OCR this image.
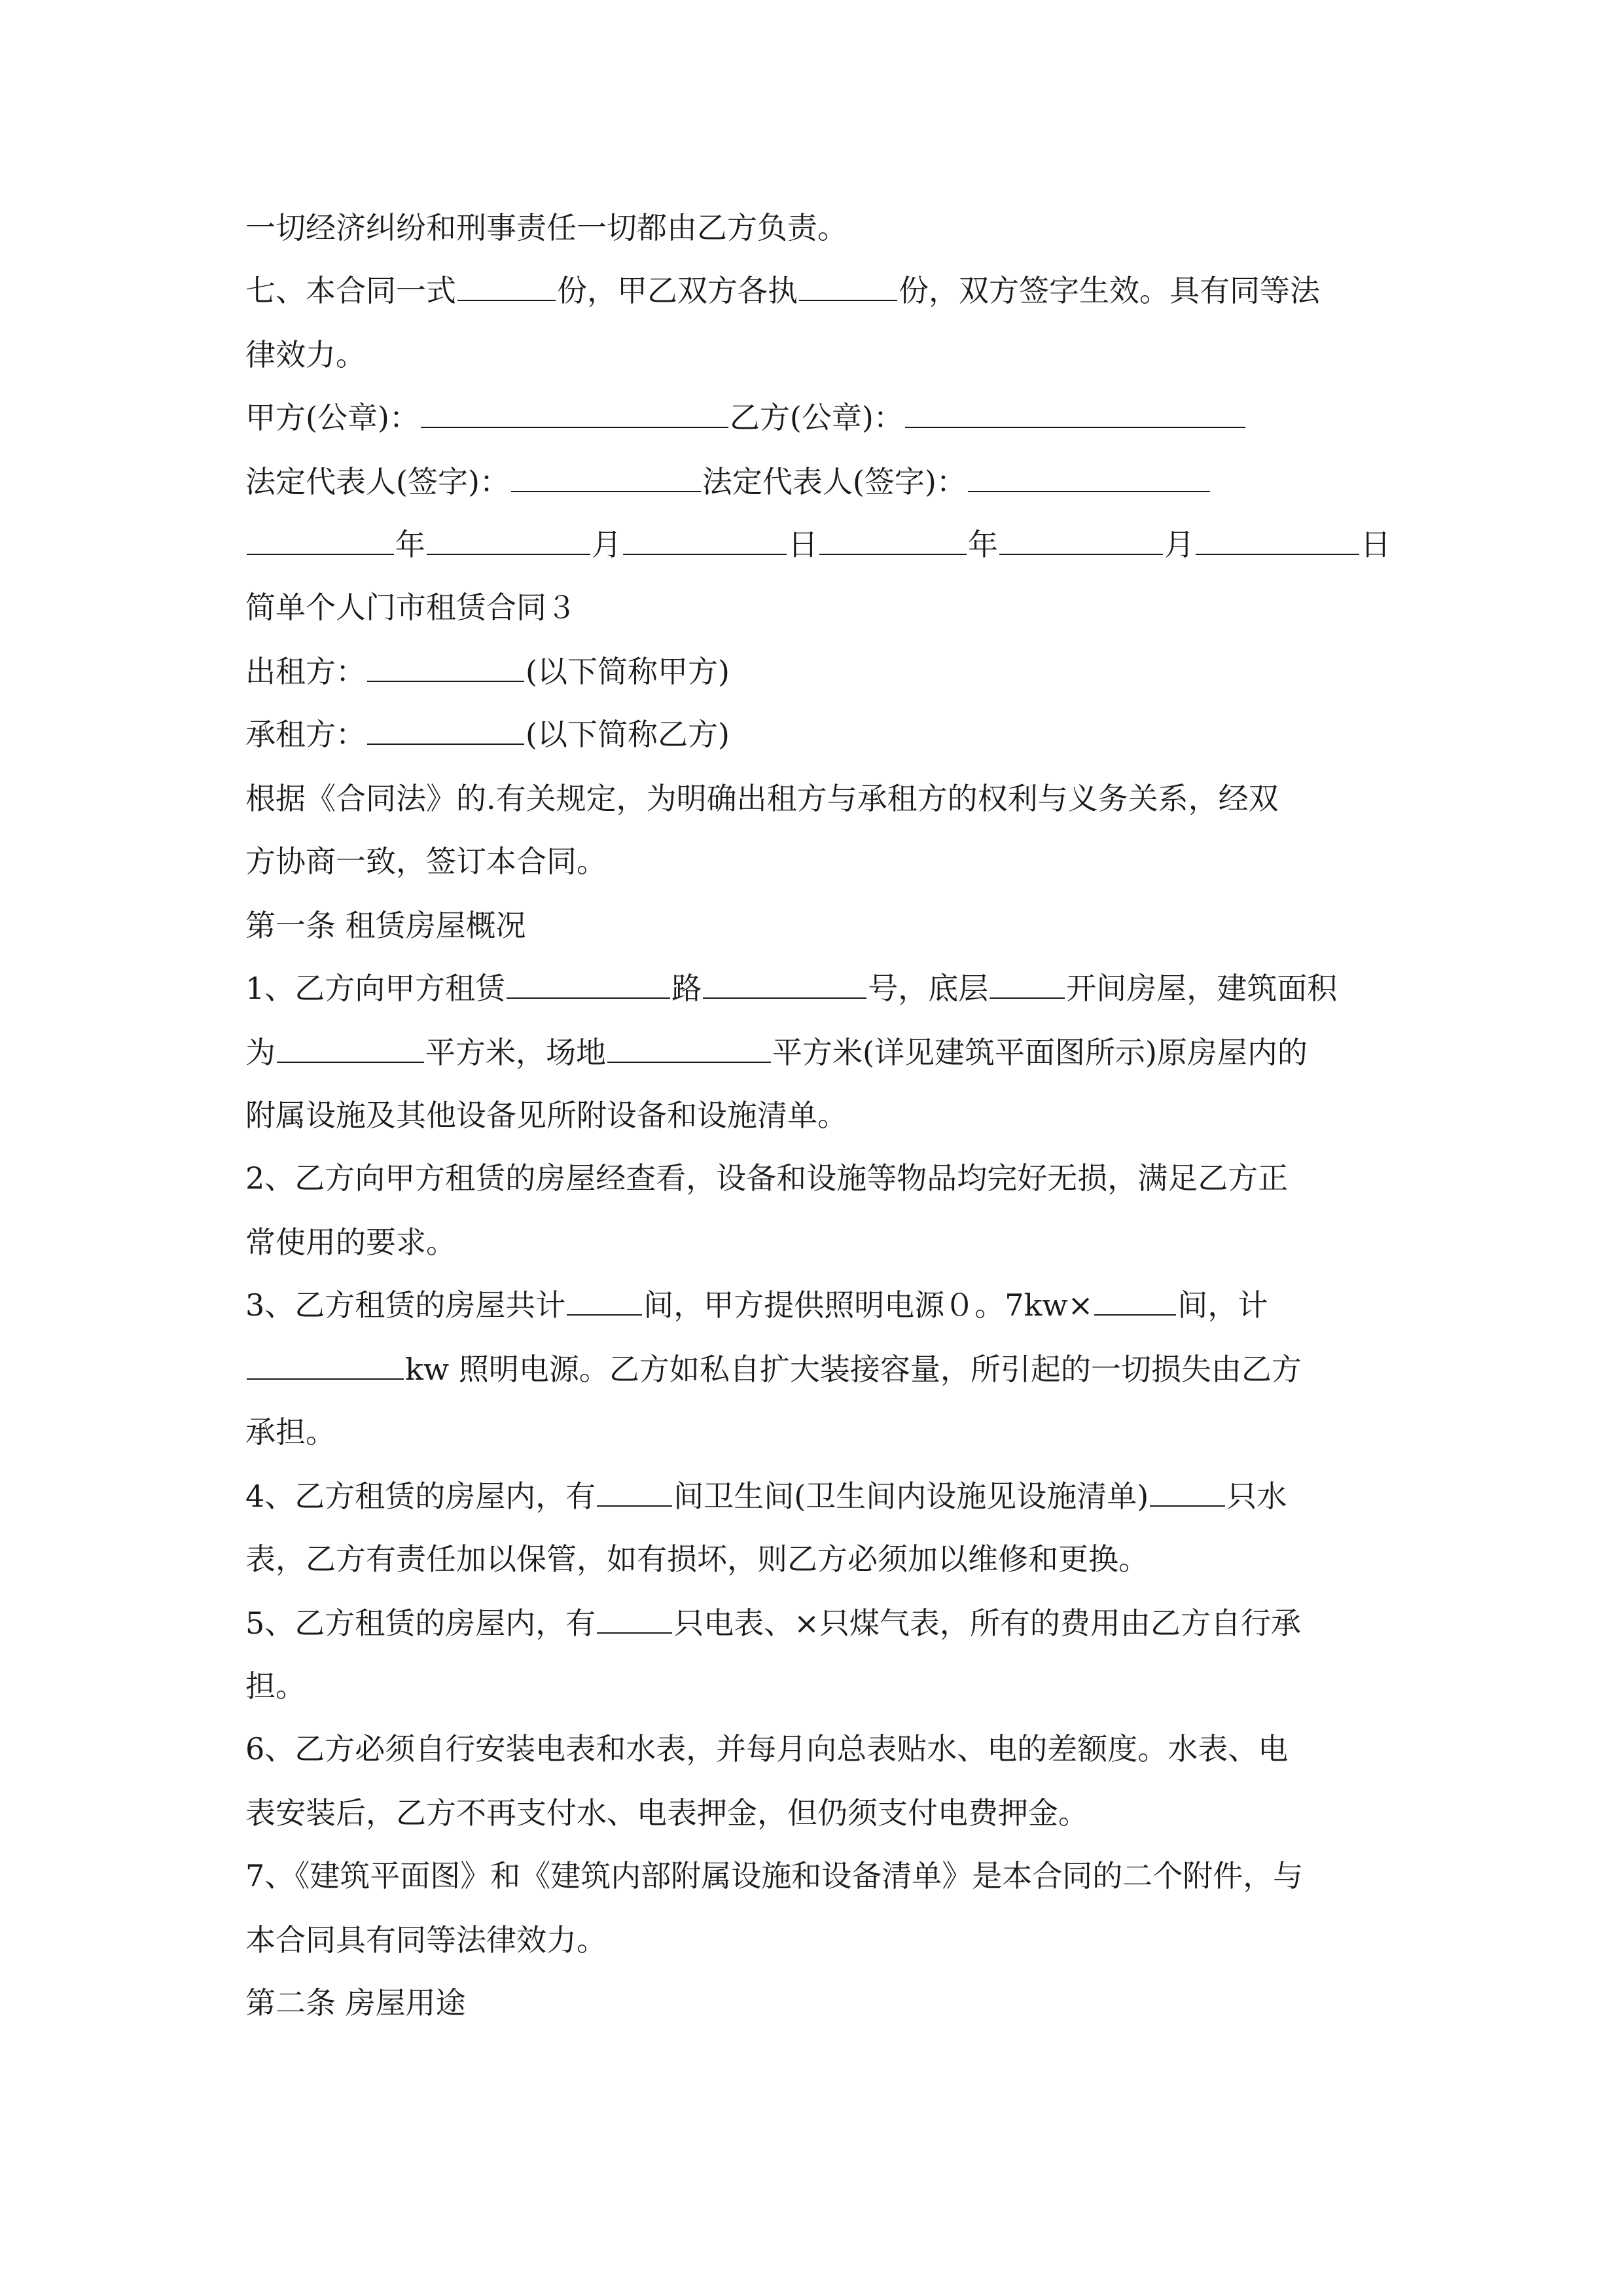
一切经济纠纷和刑事责任一切都由乙方负责。
七、本合同一式	份，甲乙双方各执	份，双方签字生效。具有同等法
律效力。
甲方(公章)：	乙方(公章)：
法定代表人(签字)：	法定代表人(签字)：
年	月	日	年	月	日
简单个人门市租赁合同３
出租方：	(以下简称甲方)
承租方：	(以下简称乙方)
根据《合同法》的.有关规定，为明确出租方与承租方的权利与义务关系，经双
方协商一致，签订本合同。
第一条 租赁房屋概况
1、乙方向甲方租赁	路	号，底层	开间房屋，建筑面积
为	平方米，场地	平方米(详见建筑平面图所示)原房屋内的
附属设施及其他设备见所附设备和设施清单。
2、乙方向甲方租赁的房屋经查看，设备和设施等物品均完好无损，满足乙方正
常使用的要求。
3、乙方租赁的房屋共计	间，甲方提供照明电源０。7kw×	间，计
kw 照明电源。乙方如私自扩大装接容量，所引起的一切损失由乙方
承担。
4、乙方租赁的房屋内，有	间卫生间(卫生间内设施见设施清单)	只水
表，乙方有责任加以保管，如有损坏，则乙方必须加以维修和更换。
5、乙方租赁的房屋内，有	只电表、×只煤气表，所有的费用由乙方自行承
担。
6、乙方必须自行安装电表和水表，并每月向总表贴水、电的差额度。水表、电
表安装后，乙方不再支付水、电表押金，但仍须支付电费押金。
7、《建筑平面图》和《建筑内部附属设施和设备清单》是本合同的二个附件，与
本合同具有同等法律效力。
第二条 房屋用途
